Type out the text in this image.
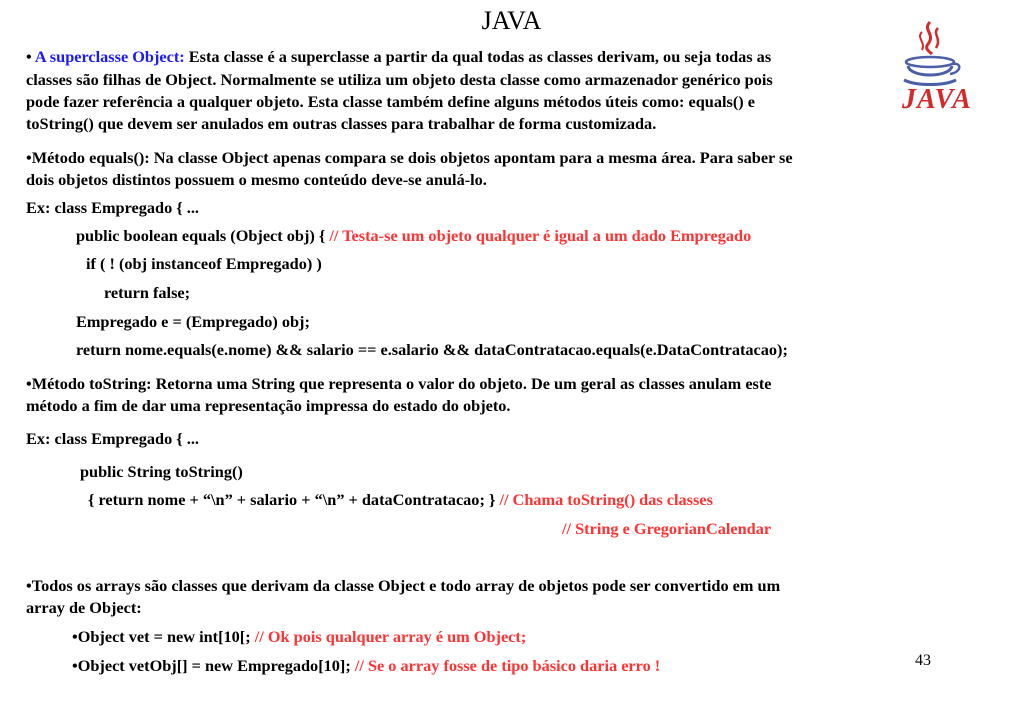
JAVA
JAVA
• A superclasse Object: Esta classe é a superclasse a partir da qual todas as classes derivam, ou seja todas as
classes são filhas de Object. Normalmente se utiliza um objeto desta classe como armazenador genérico pois
pode fazer referência a qualquer objeto. Esta classe também define alguns métodos úteis como: equals() e
toString() que devem ser anulados em outras classes para trabalhar de forma customizada.
•Método equals(): Na classe Object apenas compara se dois objetos apontam para a mesma área. Para saber se
dois objetos distintos possuem o mesmo conteúdo deve-se anulá-lo.
Ex: class Empregado { ...
public boolean equals (Object obj) { // Testa-se um objeto qualquer é igual a um dado Empregado
if ( ! (obj instanceof Empregado) )
return false;
Empregado e = (Empregado) obj;
return nome.equals(e.nome) && salario == e.salario && dataContratacao.equals(e.DataContratacao);
•Método toString: Retorna uma String que representa o valor do objeto. De um geral as classes anulam este
método a fim de dar uma representação impressa do estado do objeto.
Ex: class Empregado { ...
public String toString()
{ return nome + “\n” + salario + “\n” + dataContratacao; } // Chama toString() das classes
// String e GregorianCalendar
•Todos os arrays são classes que derivam da classe Object e todo array de objetos pode ser convertido em um
array de Object:
•Object vet = new int[10[; // Ok pois qualquer array é um Object;
•Object vetObj[] = new Empregado[10]; // Se o array fosse de tipo básico daria erro !	43
